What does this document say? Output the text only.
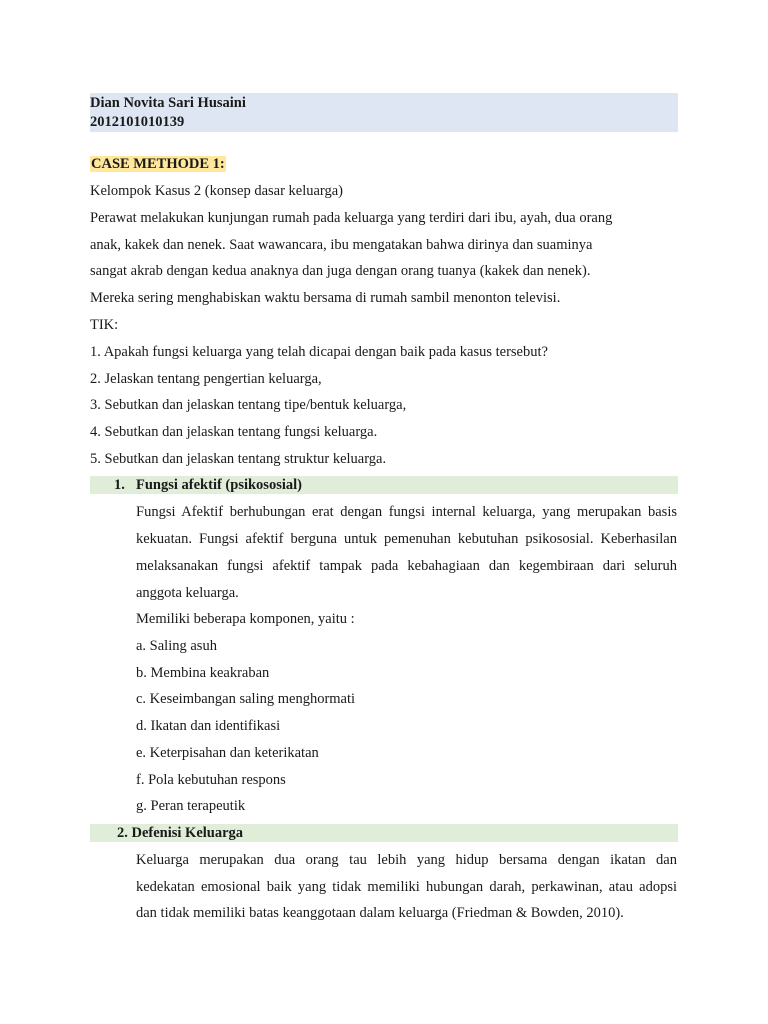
Dian Novita Sari Husaini
2012101010139
CASE METHODE 1:
Kelompok Kasus 2 (konsep dasar keluarga)
Perawat melakukan kunjungan rumah pada keluarga yang terdiri dari ibu, ayah, dua orang
anak, kakek dan nenek. Saat wawancara, ibu mengatakan bahwa dirinya dan suaminya
sangat akrab dengan kedua anaknya dan juga dengan orang tuanya (kakek dan nenek).
Mereka sering menghabiskan waktu bersama di rumah sambil menonton televisi.
TIK:
1. Apakah fungsi keluarga yang telah dicapai dengan baik pada kasus tersebut?
2. Jelaskan tentang pengertian keluarga,
3. Sebutkan dan jelaskan tentang tipe/bentuk keluarga,
4. Sebutkan dan jelaskan tentang fungsi keluarga.
5. Sebutkan dan jelaskan tentang struktur keluarga.
1. Fungsi afektif (psikososial)
Fungsi Afektif berhubungan erat dengan fungsi internal keluarga, yang merupakan basis
kekuatan. Fungsi afektif berguna untuk pemenuhan kebutuhan psikososial. Keberhasilan
melaksanakan fungsi afektif tampak pada kebahagiaan dan kegembiraan dari seluruh
anggota keluarga.
Memiliki beberapa komponen, yaitu :
a. Saling asuh
b. Membina keakraban
c. Keseimbangan saling menghormati
d. Ikatan dan identifikasi
e. Keterpisahan dan keterikatan
f. Pola kebutuhan respons
g. Peran terapeutik
2. Defenisi Keluarga
Keluarga merupakan dua orang tau lebih yang hidup bersama dengan ikatan dan
kedekatan emosional baik yang tidak memiliki hubungan darah, perkawinan, atau adopsi
dan tidak memiliki batas keanggotaan dalam keluarga (Friedman & Bowden, 2010).
